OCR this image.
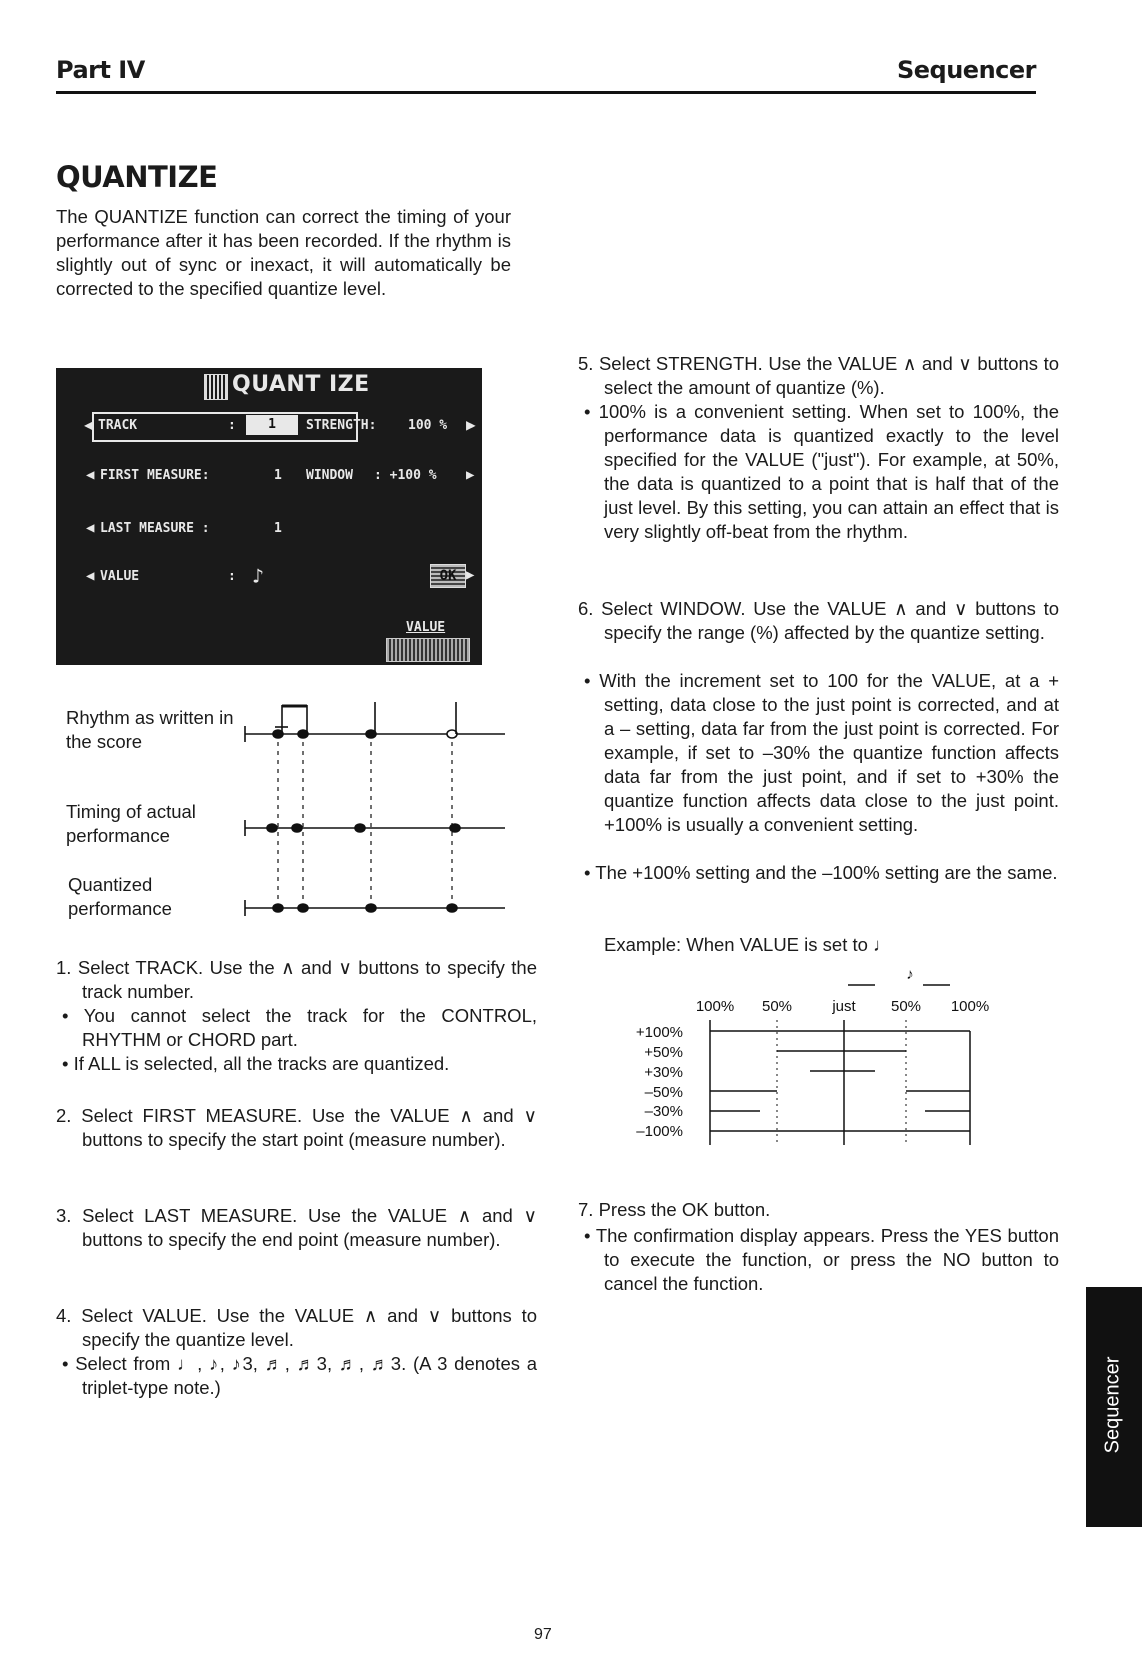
Part IV	Sequencer
QUANTIZE
The QUANTIZE function can correct the timing of your performance after it has been recorded. If the rhythm is slightly out of sync or inexact, it will automatically be corrected to the specified quantize level.
QUANT IZE
◀ TRACK	:	1	STRENGTH: 100 % ▶
◀ FIRST MEASURE:	1 WINDOW : +100 % ▶
◀ LAST MEASURE :	1
◀ VALUE	: ♪	OK ▶
VALUE
Rhythm as written in the score
Timing of actual performance
Quantized performance
1. Select TRACK. Use the ∧ and ∨ buttons to specify the track number.
• You cannot select the track for the CONTROL, RHYTHM or CHORD part.
• If ALL is selected, all the tracks are quantized.
2. Select FIRST MEASURE. Use the VALUE ∧ and ∨ buttons to specify the start point (measure number).
3. Select LAST MEASURE. Use the VALUE ∧ and ∨ buttons to specify the end point (measure number).
4. Select VALUE. Use the VALUE ∧ and ∨ buttons to specify the quantize level.
• Select from ♩, ♪, ♪3, ♬, ♬3, ♬, ♬3. (A 3 denotes a triplet-type note.)
5. Select STRENGTH. Use the VALUE ∧ and ∨ buttons to select the amount of quantize (%).
• 100% is a convenient setting. When set to 100%, the performance data is quantized exactly to the level specified for the VALUE ("just"). For example, at 50%, the data is quantized to a point that is half that of the just level. By this setting, you can attain an effect that is very slightly off-beat from the rhythm.
6. Select WINDOW. Use the VALUE ∧ and ∨ buttons to specify the range (%) affected by the quantize setting.
• With the increment set to 100 for the VALUE, at a + setting, data close to the just point is corrected, and at a – setting, data far from the just point is corrected. For example, if set to –30% the quantize function affects data far from the just point, and if set to +30% the quantize function affects data close to the just point. +100% is usually a convenient setting.
• The +100% setting and the –100% setting are the same.
Example: When VALUE is set to ♩
♪
100% 50%	just 50% 100%
+100%
+50%
+30%
–50%
–30%
–100%
7. Press the OK button.
• The confirmation display appears. Press the YES button to execute the function, or press the NO button to cancel the function.
Sequencer
97
